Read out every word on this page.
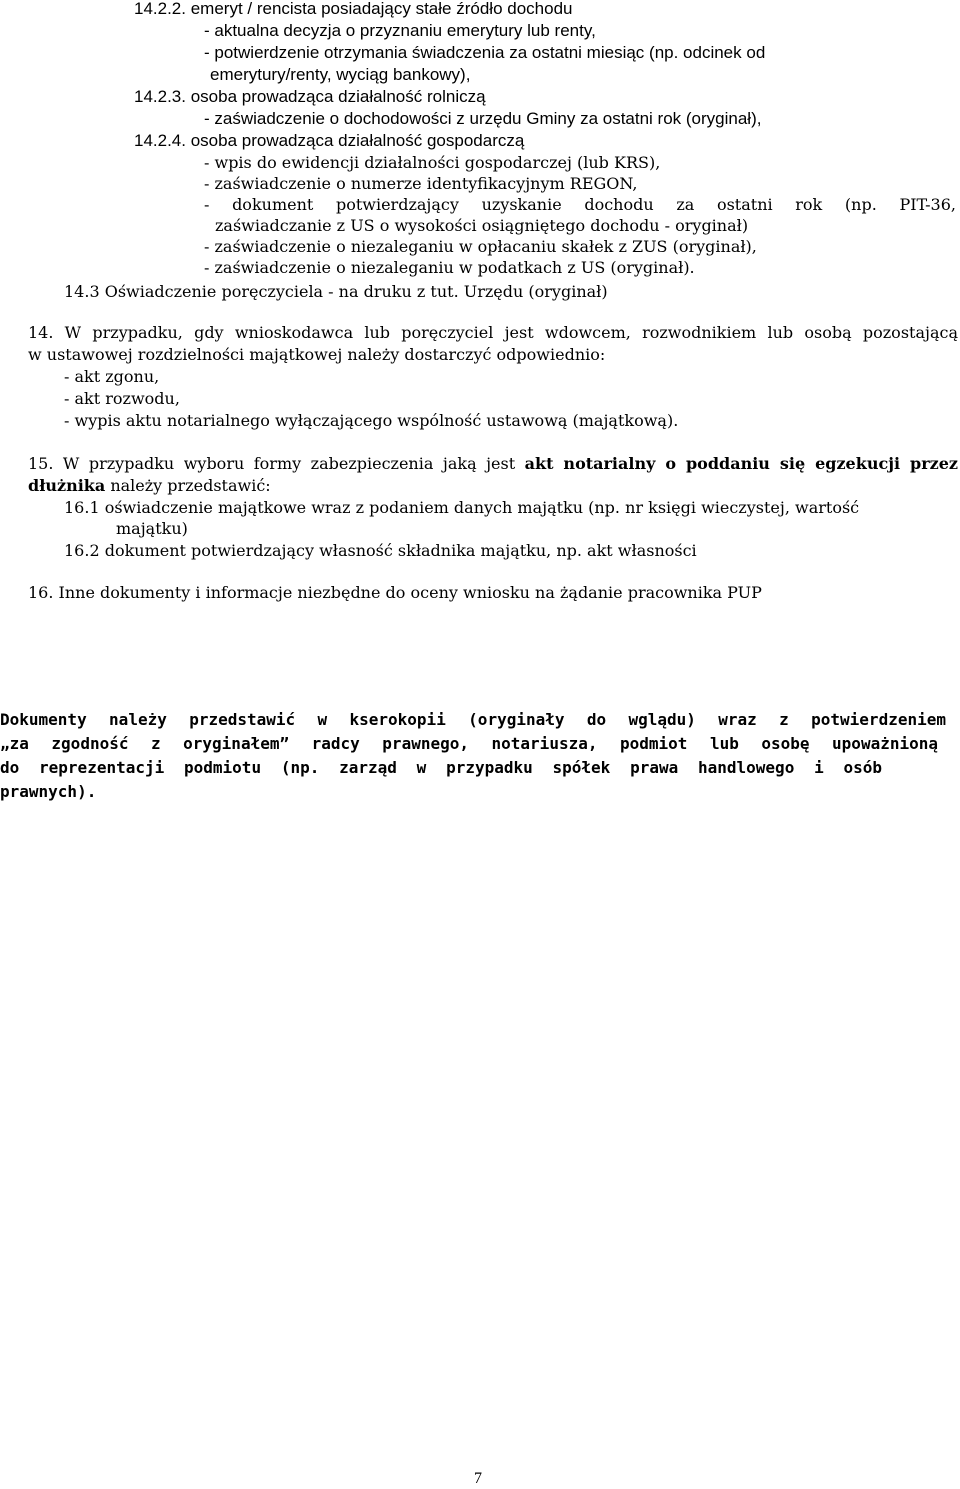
14.2.2. emeryt / rencista posiadający stałe źródło dochodu
- aktualna decyzja o przyznaniu emerytury lub renty,
- potwierdzenie otrzymania świadczenia za ostatni miesiąc (np. odcinek od
emerytury/renty, wyciąg bankowy),
14.2.3. osoba prowadząca działalność rolniczą
- zaświadczenie o dochodowości z urzędu Gminy za ostatni rok (oryginał),
14.2.4. osoba prowadząca działalność gospodarczą
- wpis do ewidencji działalności gospodarczej (lub KRS),
- zaświadczenie o numerze identyfikacyjnym REGON,
- dokument potwierdzający uzyskanie dochodu za ostatni rok (np. PIT-36,
zaświadczanie z US o wysokości osiągniętego dochodu - oryginał)
- zaświadczenie o niezaleganiu w opłacaniu skałek z ZUS (oryginał),
- zaświadczenie o niezaleganiu w podatkach z US (oryginał).
14.3 Oświadczenie poręczyciela - na druku z tut. Urzędu (oryginał)
14. W przypadku, gdy wnioskodawca lub poręczyciel jest wdowcem, rozwodnikiem lub osobą pozostającą
w ustawowej rozdzielności majątkowej należy dostarczyć odpowiednio:
- akt zgonu,
- akt rozwodu,
- wypis aktu notarialnego wyłączającego wspólność ustawową (majątkową).
15. W przypadku wyboru formy zabezpieczenia jaką jest akt notarialny o poddaniu się egzekucji przez
dłużnika należy przedstawić:
16.1 oświadczenie majątkowe wraz z podaniem danych majątku (np. nr księgi wieczystej, wartość
majątku)
16.2 dokument potwierdzający własność składnika majątku, np. akt własności
16. Inne dokumenty i informacje niezbędne do oceny wniosku na żądanie pracownika PUP
Dokumenty należy przedstawić w kserokopii (oryginały do wglądu) wraz z potwierdzeniem
„za zgodność z oryginałem” radcy prawnego, notariusza, podmiot lub osobę upoważnioną
do reprezentacji podmiotu (np. zarząd w przypadku spółek prawa handlowego i osób
prawnych).
7
